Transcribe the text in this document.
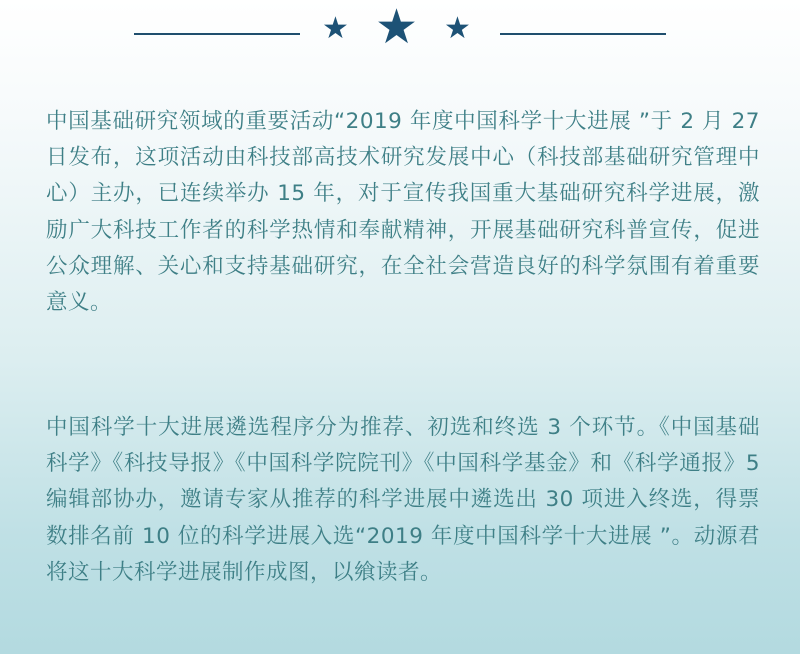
★ ★ ★

中国基础研究领域的重要活动“2019 年度中国科学十大进展 ”于 2 月 27 日发布，这项活动由科技部高技术研究发展中心（科技部基础研究管理中心）主办，已连续举办 15 年，对于宣传我国重大基础研究科学进展，激励广大科技工作者的科学热情和奉献精神，开展基础研究科普宣传，促进公众理解、关心和支持基础研究，在全社会营造良好的科学氛围有着重要意义。

中国科学十大进展遴选程序分为推荐、初选和终选 3 个环节。《中国基础科学》《科技导报》《中国科学院院刊》《中国科学基金》和《科学通报》5 编辑部协办，邀请专家从推荐的科学进展中遴选出 30 项进入终选，得票数排名前 10 位的科学进展入选“2019 年度中国科学十大进展 ”。动源君将这十大科学进展制作成图，以飨读者。
